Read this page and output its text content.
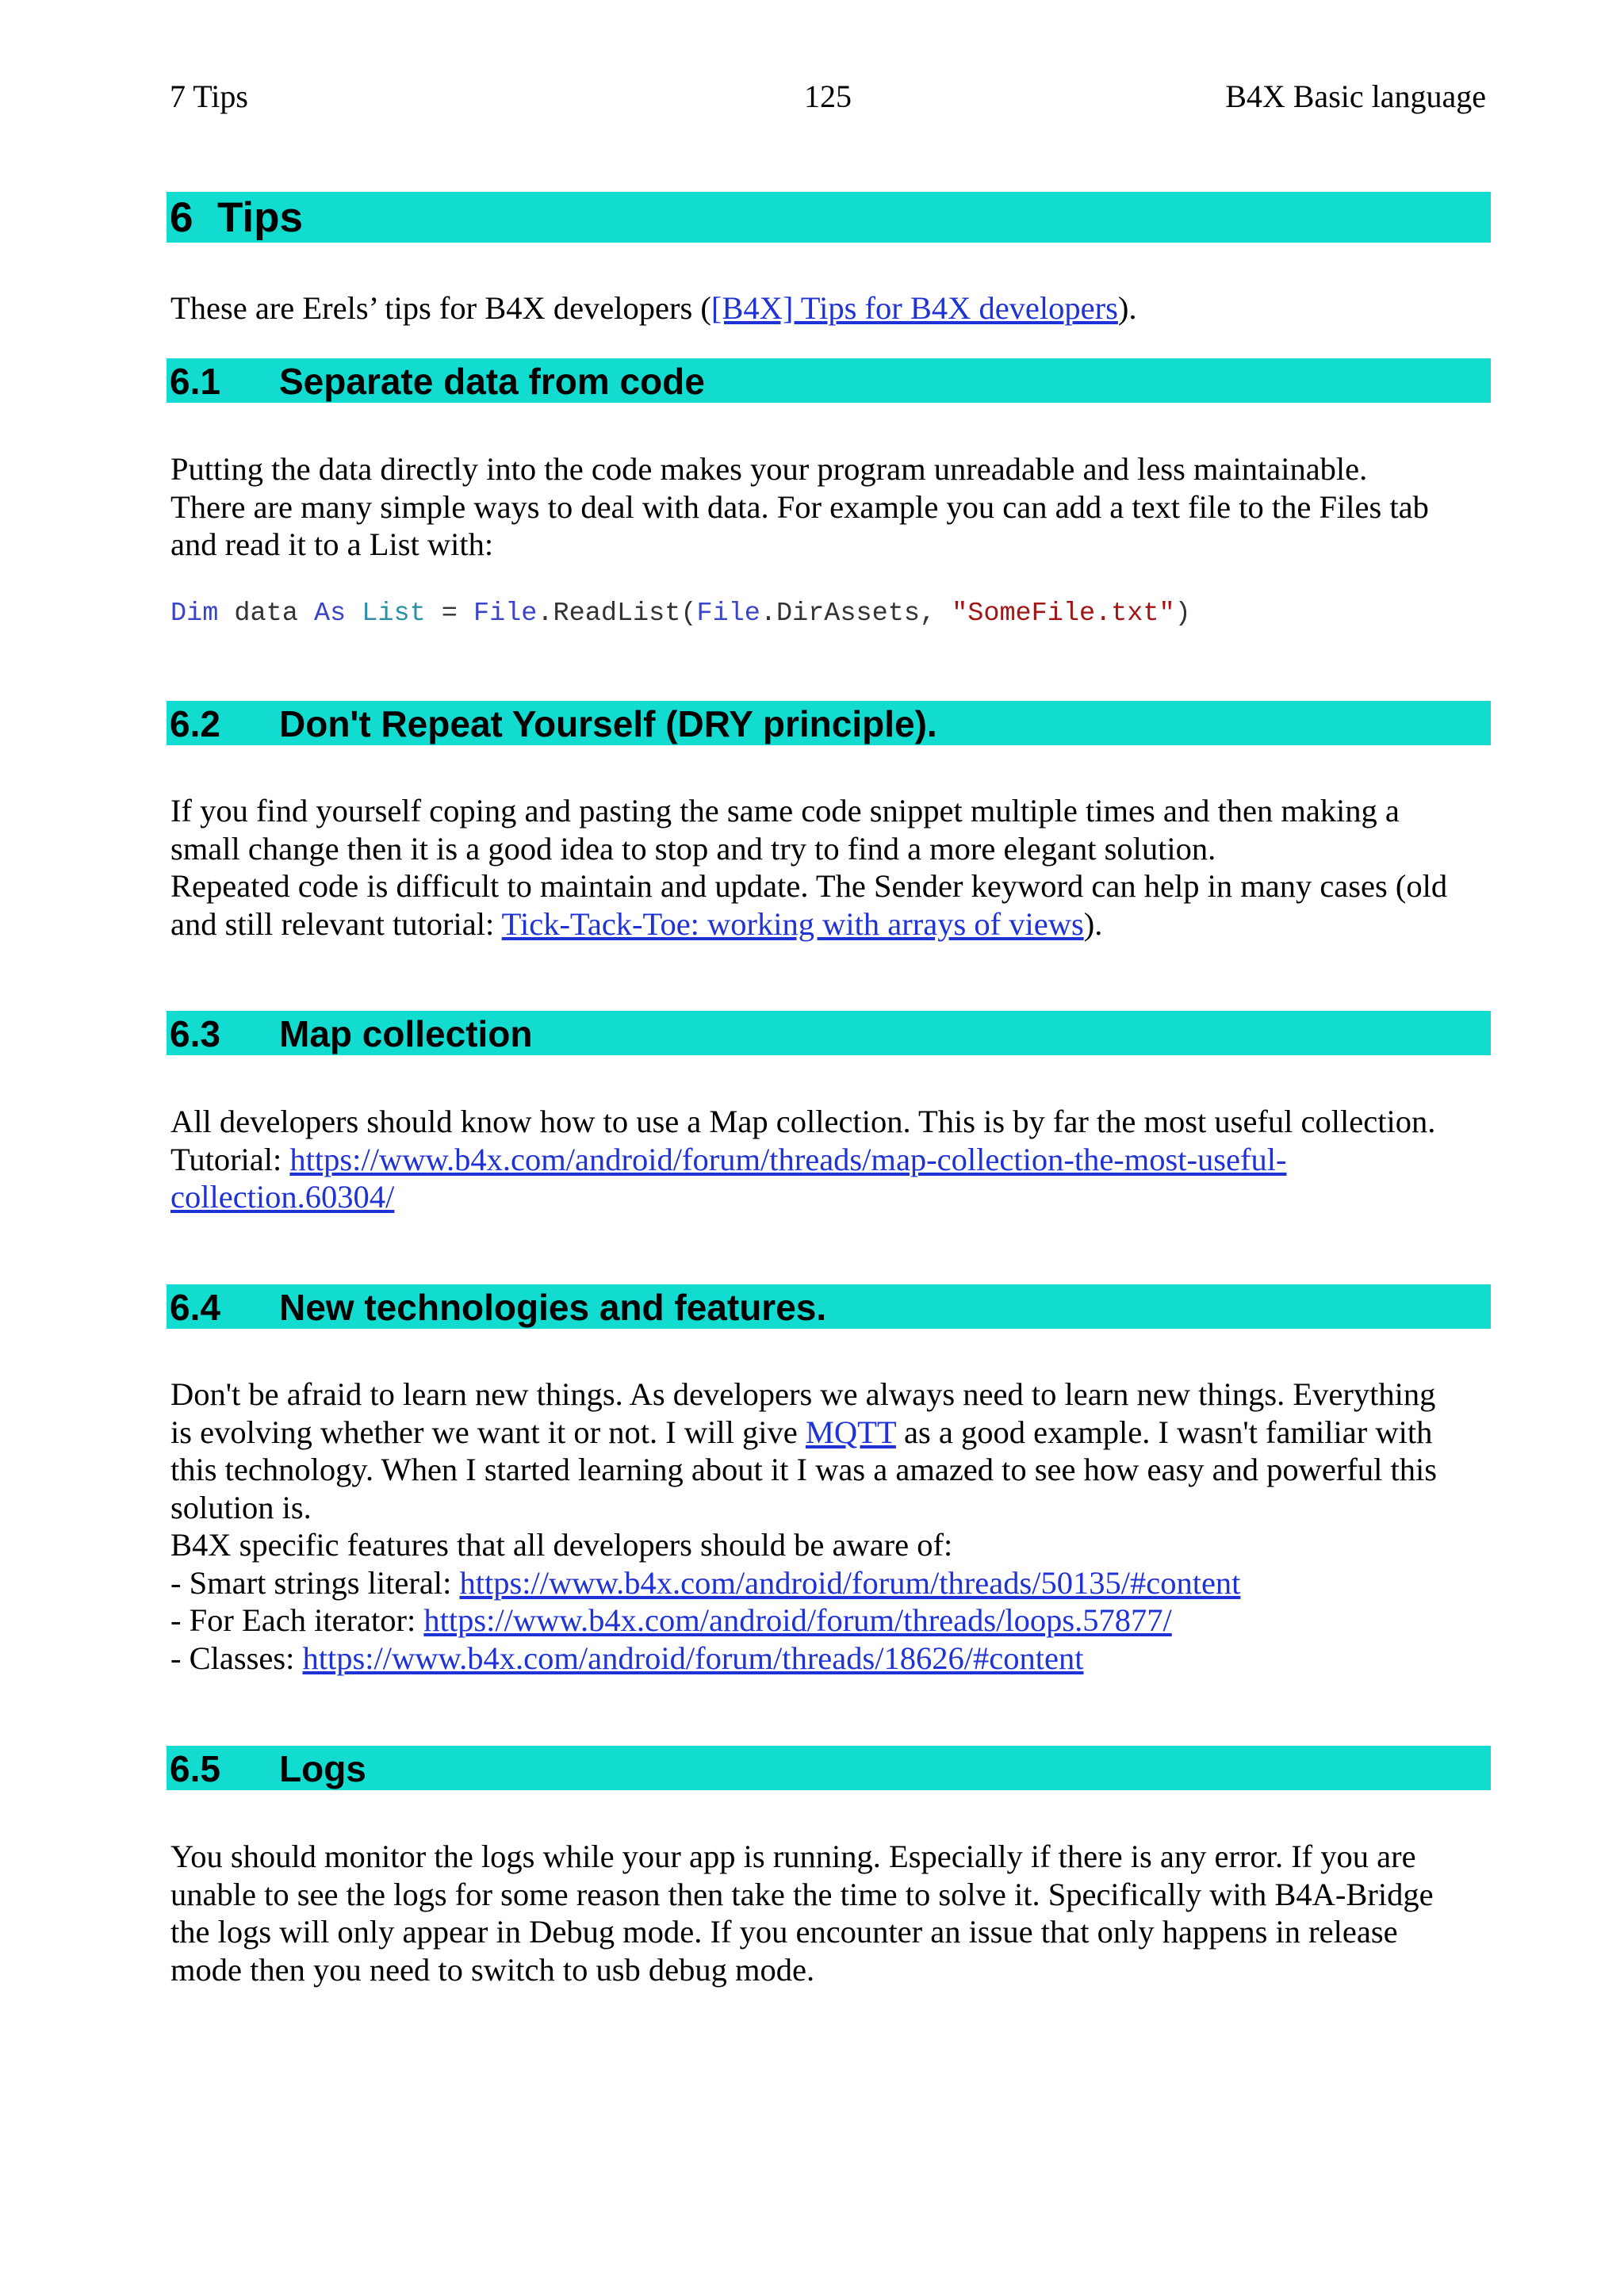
7 Tips	125	B4X Basic language
6 Tips
These are Erels’ tips for B4X developers ([B4X] Tips for B4X developers).
6.1 Separate data from code
Putting the data directly into the code makes your program unreadable and less maintainable.
There are many simple ways to deal with data. For example you can add a text file to the Files tab
and read it to a List with:
Dim data As List = File.ReadList(File.DirAssets, "SomeFile.txt")
6.2 Don't Repeat Yourself (DRY principle).
If you find yourself coping and pasting the same code snippet multiple times and then making a
small change then it is a good idea to stop and try to find a more elegant solution.
Repeated code is difficult to maintain and update. The Sender keyword can help in many cases (old
and still relevant tutorial: Tick-Tack-Toe: working with arrays of views).
6.3 Map collection
All developers should know how to use a Map collection. This is by far the most useful collection.
Tutorial: https://www.b4x.com/android/forum/threads/map-collection-the-most-useful-
collection.60304/
6.4 New technologies and features.
Don't be afraid to learn new things. As developers we always need to learn new things. Everything
is evolving whether we want it or not. I will give MQTT as a good example. I wasn't familiar with
this technology. When I started learning about it I was a amazed to see how easy and powerful this
solution is.
B4X specific features that all developers should be aware of:
- Smart strings literal: https://www.b4x.com/android/forum/threads/50135/#content
- For Each iterator: https://www.b4x.com/android/forum/threads/loops.57877/
- Classes: https://www.b4x.com/android/forum/threads/18626/#content
6.5 Logs
You should monitor the logs while your app is running. Especially if there is any error. If you are
unable to see the logs for some reason then take the time to solve it. Specifically with B4A-Bridge
the logs will only appear in Debug mode. If you encounter an issue that only happens in release
mode then you need to switch to usb debug mode.
